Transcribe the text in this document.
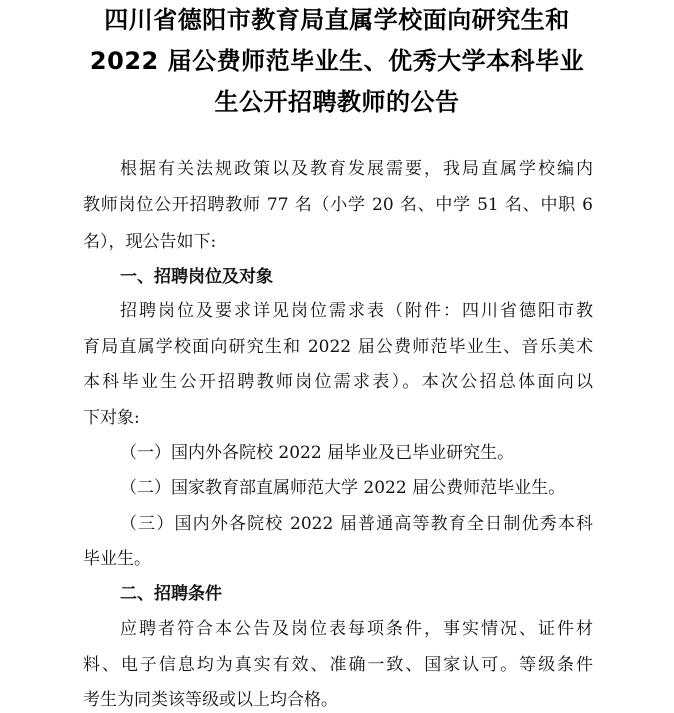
四川省德阳市教育局直属学校面向研究生和
2022 届公费师范毕业生、优秀大学本科毕业
生公开招聘教师的公告
根据有关法规政策以及教育发展需要，我局直属学校编内
教师岗位公开招聘教师 77 名（小学 20 名、中学 51 名、中职 6
名），现公告如下:
一、招聘岗位及对象
招聘岗位及要求详见岗位需求表（附件：四川省德阳市教
育局直属学校面向研究生和 2022 届公费师范毕业生、音乐美术
本科毕业生公开招聘教师岗位需求表）。本次公招总体面向以
下对象:
（一）国内外各院校 2022 届毕业及已毕业研究生。
（二）国家教育部直属师范大学 2022 届公费师范毕业生。
（三）国内外各院校 2022 届普通高等教育全日制优秀本科
毕业生。
二、招聘条件
应聘者符合本公告及岗位表每项条件，事实情况、证件材
料、电子信息均为真实有效、准确一致、国家认可。等级条件
考生为同类该等级或以上均合格。
